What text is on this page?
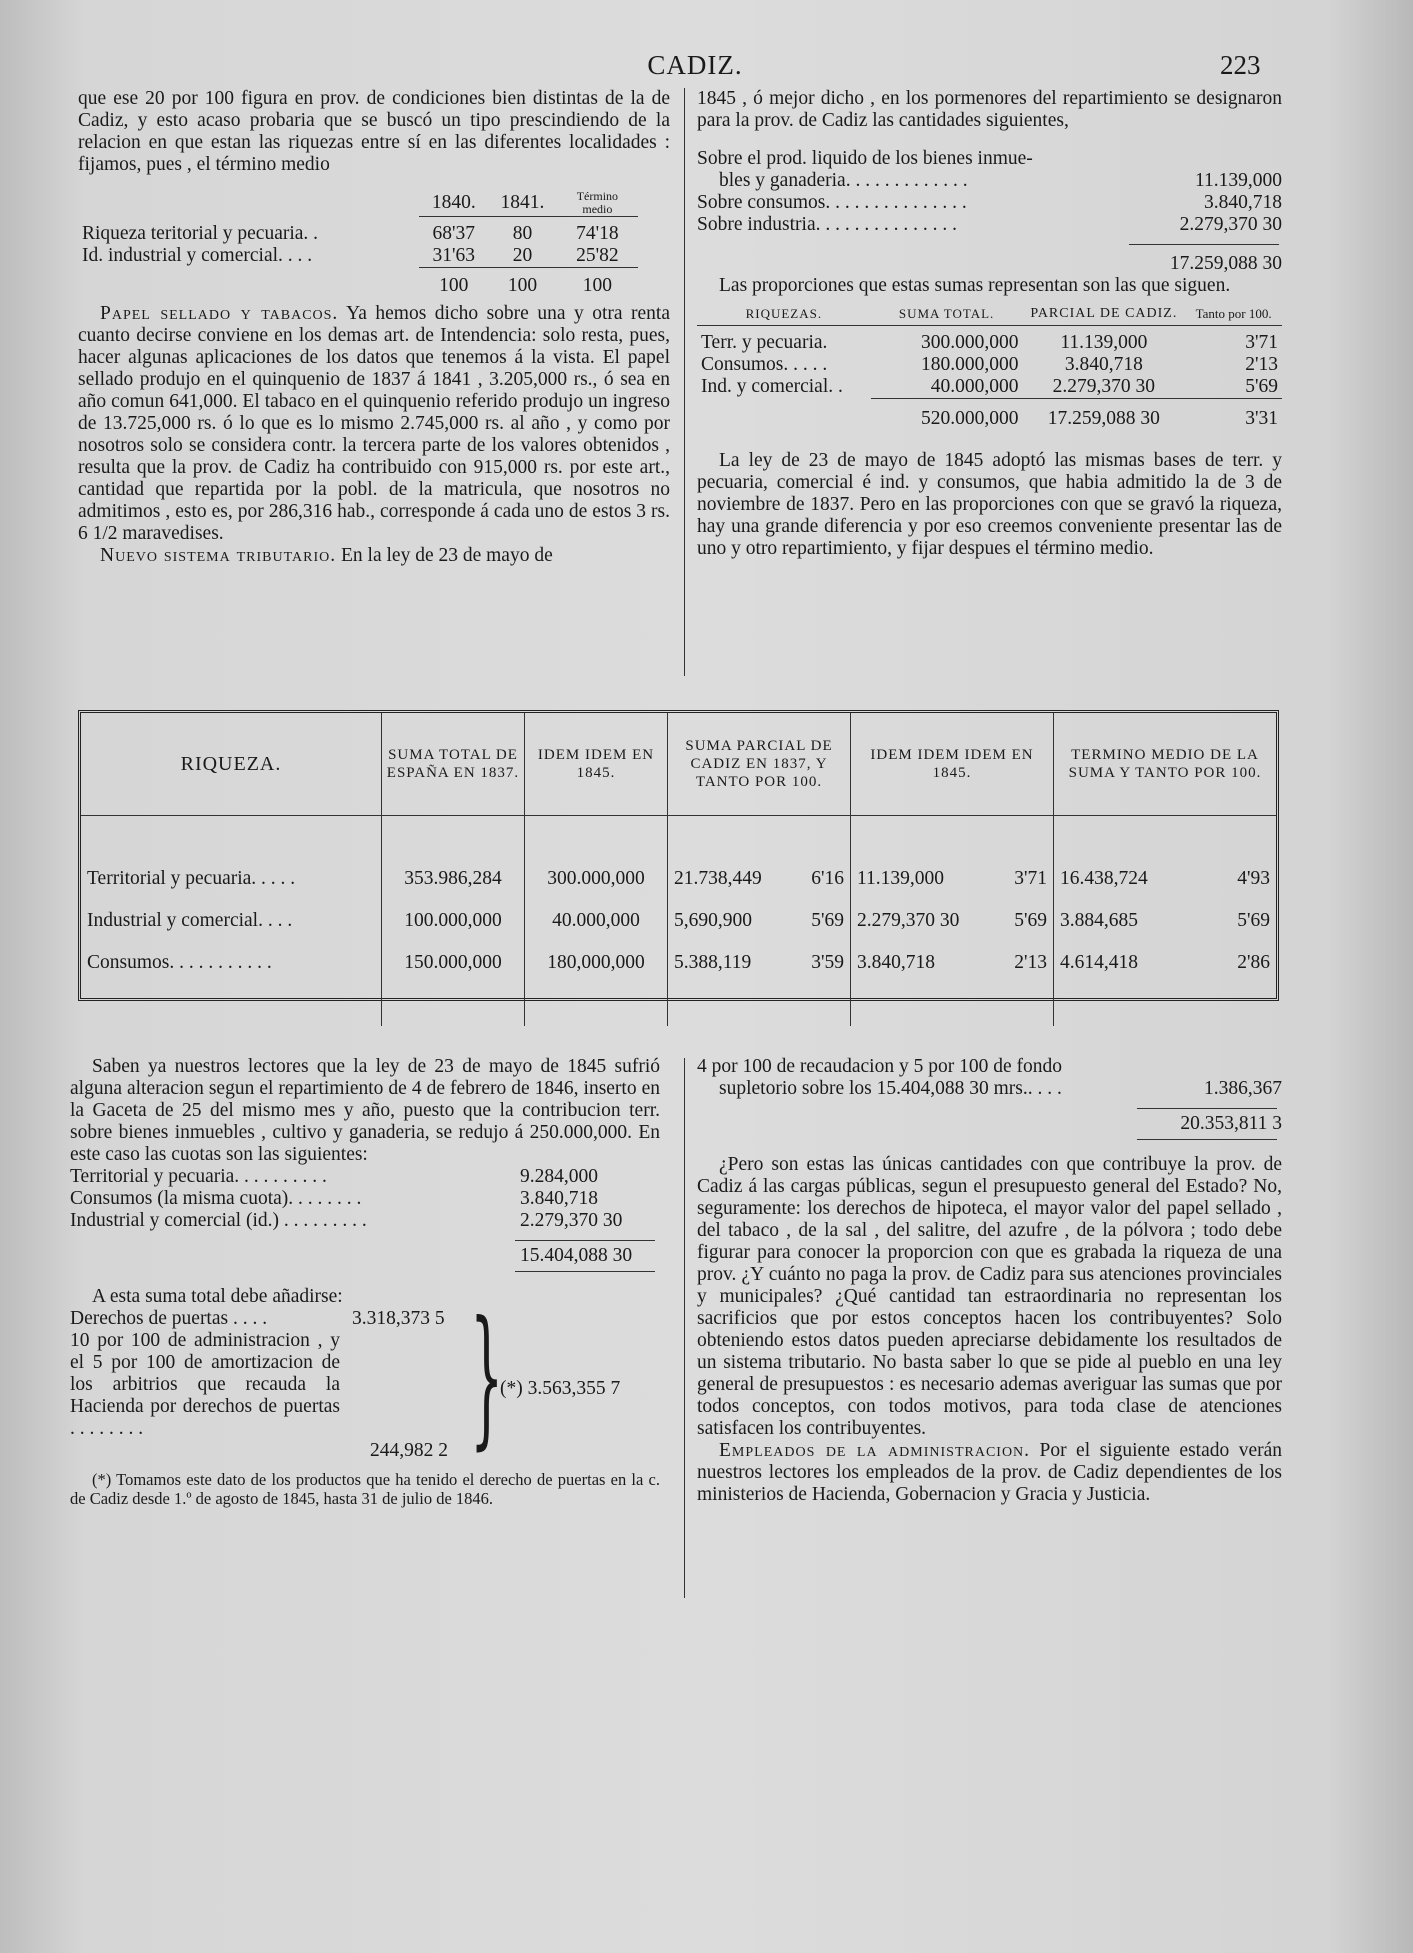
CADIZ.	223

que ese 20 por 100 figura en prov. de condiciones bien distintas de la de Cadiz, y esto acaso probaria que se buscó un tipo prescindiendo de la relacion en que estan las riquezas entre sí en las diferentes localidades : fijamos, pues , el término medio

	1840.	1841.	Término medio

Riqueza teritorial y pecuaria. .	68'37	80	74'18
Id. industrial y comercial. . . .	31'63	20	25'82

	100	100	100

Papel sellado y tabacos. Ya hemos dicho sobre una y otra renta cuanto decirse conviene en los demas art. de Intendencia: solo resta, pues, hacer algunas aplicaciones de los datos que tenemos á la vista. El papel sellado produjo en el quinquenio de 1837 á 1841 , 3.205,000 rs., ó sea en año comun 641,000. El tabaco en el quinquenio referido produjo un ingreso de 13.725,000 rs. ó lo que es lo mismo 2.745,000 rs. al año , y como por nosotros solo se considera contr. la tercera parte de los valores obtenidos , resulta que la prov. de Cadiz ha contribuido con 915,000 rs. por este art., cantidad que repartida por la pobl. de la matricula, que nosotros no admitimos , esto es, por 286,316 hab., corresponde á cada uno de estos 3 rs. 6 1/2 maravedises.

Nuevo sistema tributario. En la ley de 23 de mayo de

1845 , ó mejor dicho , en los pormenores del repartimiento se designaron para la prov. de Cadiz las cantidades siguientes,

Sobre el prod. liquido de los bienes inmue-
bles y ganaderia. . . . . . . . . . . . .	11.139,000
Sobre consumos. . . . . . . . . . . . . . .	3.840,718
Sobre industria. . . . . . . . . . . . . . .	2.279,370 30
17.259,088 30

Las proporciones que estas sumas representan son las que siguen.

RIQUEZAS.	SUMA TOTAL.	PARCIAL DE CADIZ.	Tanto por 100.

Terr. y pecuaria.	300.000,000	11.139,000	3'71
Consumos. . . . .	180.000,000	3.840,718	2'13
Ind. y comercial. .	40.000,000	2.279,370 30	5'69

	520.000,000	17.259,088 30	3'31

La ley de 23 de mayo de 1845 adoptó las mismas bases de terr. y pecuaria, comercial é ind. y consumos, que habia admitido la de 3 de noviembre de 1837. Pero en las proporciones con que se gravó la riqueza, hay una grande diferencia y por eso creemos conveniente presentar las de uno y otro repartimiento, y fijar despues el término medio.

RIQUEZA.	SUMA TOTAL DE ESPAÑA EN 1837.	IDEM IDEM EN 1845.	SUMA PARCIAL DE CADIZ EN 1837, Y TANTO POR 100.	IDEM IDEM IDEM EN 1845.	TERMINO MEDIO DE LA SUMA Y TANTO POR 100.

Territorial y pecuaria. . . . .	353.986,284	300.000,000	21.738,449 6'16	11.139,000 3'71	16.438,724 4'93

Industrial y comercial. . . .	100.000,000	40.000,000	5,690,900 5'69	2.279,370 30 5'69	3.884,685 5'69

Consumos. . . . . . . . . . .	150.000,000	180,000,000	5.388,119 3'59	3.840,718 2'13	4.614,418 2'86

Saben ya nuestros lectores que la ley de 23 de mayo de 1845 sufrió alguna alteracion segun el repartimiento de 4 de febrero de 1846, inserto en la Gaceta de 25 del mismo mes y año, puesto que la contribucion terr. sobre bienes inmuebles , cultivo y ganaderia, se redujo á 250.000,000. En este caso las cuotas son las siguientes:

Territorial y pecuaria. . . . . . . . . .	9.284,000
Consumos (la misma cuota). . . . . . . .	3.840,718
Industrial y comercial (id.) . . . . . . . . .	2.279,370 30
15.404,088 30

A esta suma total debe añadirse:

Derechos de puertas . . . .	3.318,373 5
10 por 100 de administracion , y el 5 por 100 de amortizacion de los arbitrios que recauda la Hacienda por derechos de puertas . . . . . . . .
244,982 2 }
(*) 3.563,355 7

(*) Tomamos este dato de los productos que ha tenido el derecho de puertas en la c. de Cadiz desde 1.º de agosto de 1845, hasta 31 de julio de 1846.

4 por 100 de recaudacion y 5 por 100 de fondo
supletorio sobre los 15.404,088 30 mrs.. . . .	1.386,367
20.353,811 3

¿Pero son estas las únicas cantidades con que contribuye la prov. de Cadiz á las cargas públicas, segun el presupuesto general del Estado? No, seguramente: los derechos de hipoteca, el mayor valor del papel sellado , del tabaco , de la sal , del salitre, del azufre , de la pólvora ; todo debe figurar para conocer la proporcion con que es grabada la riqueza de una prov. ¿Y cuánto no paga la prov. de Cadiz para sus atenciones provinciales y municipales? ¿Qué cantidad tan estraordinaria no representan los sacrificios que por estos conceptos hacen los contribuyentes? Solo obteniendo estos datos pueden apreciarse debidamente los resultados de un sistema tributario. No basta saber lo que se pide al pueblo en una ley general de presupuestos : es necesario ademas averiguar las sumas que por todos conceptos, con todos motivos, para toda clase de atenciones satisfacen los contribuyentes.

Empleados de la administracion. Por el siguiente estado verán nuestros lectores los empleados de la prov. de Cadiz dependientes de los ministerios de Hacienda, Gobernacion y Gracia y Justicia.
